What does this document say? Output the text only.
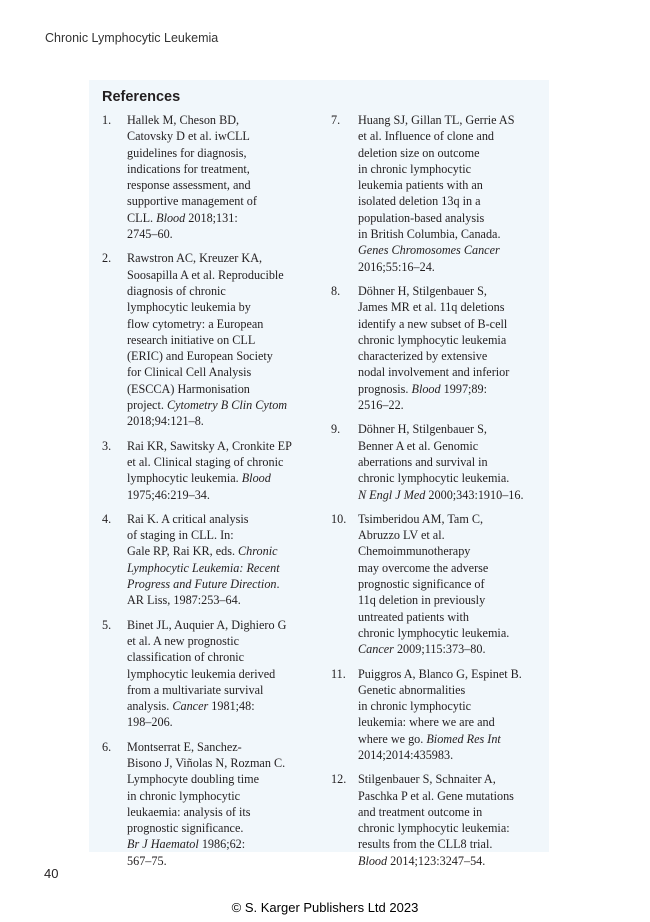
Chronic Lymphocytic Leukemia
References
1.	Hallek M, Cheson BD,
Catovsky D et al. iwCLL
guidelines for diagnosis,
indications for treatment,
response assessment, and
supportive management of
CLL. Blood 2018;131:
2745–60.
2.	Rawstron AC, Kreuzer KA,
Soosapilla A et al. Reproducible
diagnosis of chronic
lymphocytic leukemia by
flow cytometry: a European
research initiative on CLL
(ERIC) and European Society
for Clinical Cell Analysis
(ESCCA) Harmonisation
project. Cytometry B Clin Cytom
2018;94:121–8.
3.	Rai KR, Sawitsky A, Cronkite EP
et al. Clinical staging of chronic
lymphocytic leukemia. Blood
1975;46:219–34.
4.	Rai K. A critical analysis
of staging in CLL. In:
Gale RP, Rai KR, eds. Chronic
Lymphocytic Leukemia: Recent
Progress and Future Direction.
AR Liss, 1987:253–64.
5.	Binet JL, Auquier A, Dighiero G
et al. A new prognostic
classification of chronic
lymphocytic leukemia derived
from a multivariate survival
analysis. Cancer 1981;48:
198–206.
6.	Montserrat E, Sanchez-
Bisono J, Viñolas N, Rozman C.
Lymphocyte doubling time
in chronic lymphocytic
leukaemia: analysis of its
prognostic significance.
Br J Haematol 1986;62:
567–75.
7.	Huang SJ, Gillan TL, Gerrie AS
et al. Influence of clone and
deletion size on outcome
in chronic lymphocytic
leukemia patients with an
isolated deletion 13q in a
population-based analysis
in British Columbia, Canada.
Genes Chromosomes Cancer
2016;55:16–24.
8.	Döhner H, Stilgenbauer S,
James MR et al. 11q deletions
identify a new subset of B-cell
chronic lymphocytic leukemia
characterized by extensive
nodal involvement and inferior
prognosis. Blood 1997;89:
2516–22.
9.	Döhner H, Stilgenbauer S,
Benner A et al. Genomic
aberrations and survival in
chronic lymphocytic leukemia.
N Engl J Med 2000;343:1910–16.
10. Tsimberidou AM, Tam C,
Abruzzo LV et al.
Chemoimmunotherapy
may overcome the adverse
prognostic significance of
11q deletion in previously
untreated patients with
chronic lymphocytic leukemia.
Cancer 2009;115:373–80.
11.	Puiggros A, Blanco G, Espinet B.
Genetic abnormalities
in chronic lymphocytic
leukemia: where we are and
where we go. Biomed Res Int
2014;2014:435983.
12. Stilgenbauer S, Schnaiter A,
Paschka P et al. Gene mutations
and treatment outcome in
chronic lymphocytic leukemia:
results from the CLL8 trial.
Blood 2014;123:3247–54.
40
© S. Karger Publishers Ltd 2023
